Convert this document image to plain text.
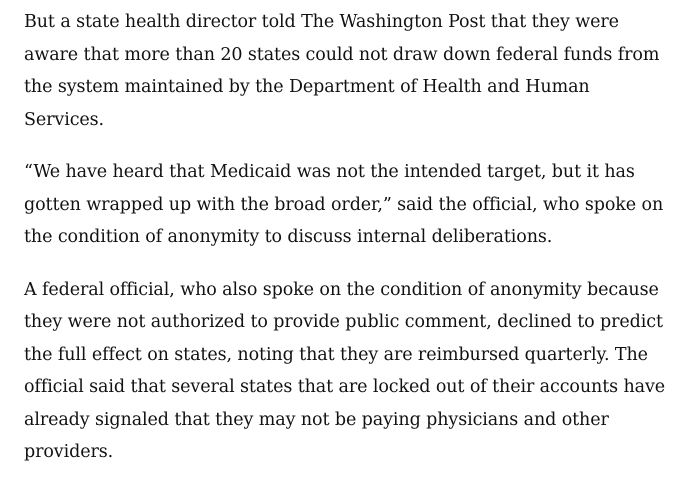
But a state health director told The Washington Post that they were
aware that more than 20 states could not draw down federal funds from
the system maintained by the Department of Health and Human
Services.

“We have heard that Medicaid was not the intended target, but it has
gotten wrapped up with the broad order,” said the official, who spoke on
the condition of anonymity to discuss internal deliberations.

A federal official, who also spoke on the condition of anonymity because
they were not authorized to provide public comment, declined to predict
the full effect on states, noting that they are reimbursed quarterly. The
official said that several states that are locked out of their accounts have
already signaled that they may not be paying physicians and other
providers.
